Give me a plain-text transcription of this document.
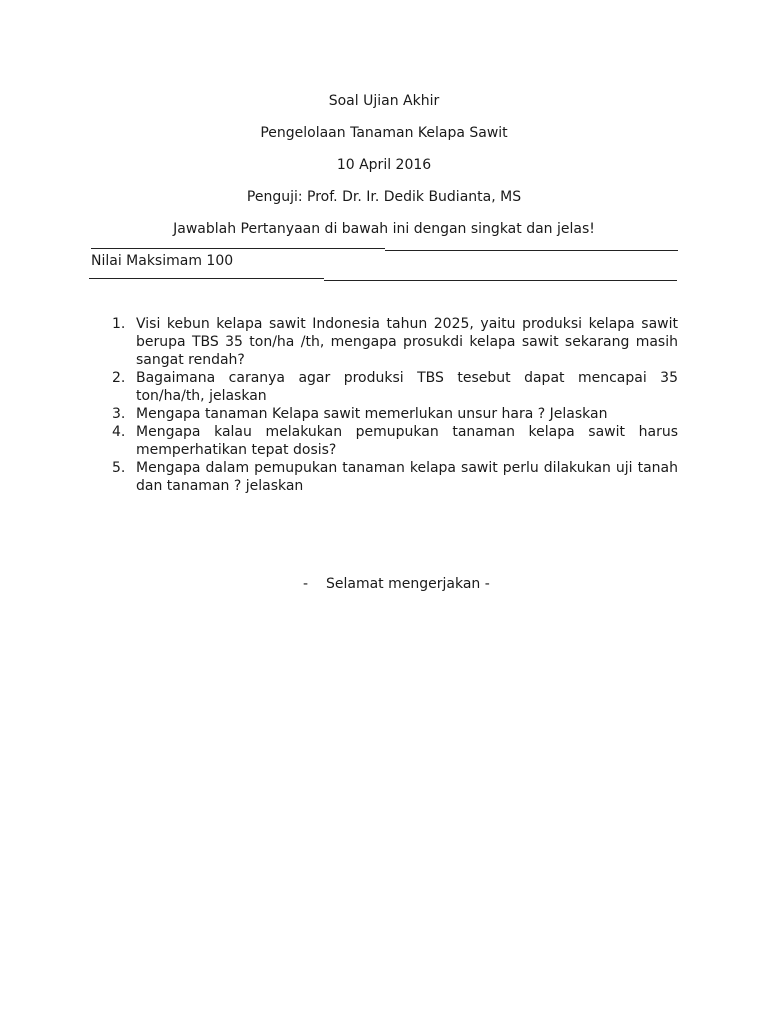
Soal Ujian Akhir
Pengelolaan Tanaman Kelapa Sawit
10 April 2016
Penguji: Prof. Dr. Ir. Dedik Budianta, MS
Jawablah Pertanyaan di bawah ini dengan singkat dan jelas!
Nilai Maksimam 100
1. Visi kebun kelapa sawit Indonesia tahun 2025, yaitu produksi kelapa sawit berupa TBS 35 ton/ha /th, mengapa prosukdi kelapa sawit sekarang masih sangat rendah?
2. Bagaimana caranya agar produksi TBS tesebut dapat mencapai 35 ton/ha/th, jelaskan
3. Mengapa tanaman Kelapa sawit memerlukan unsur hara ? Jelaskan
4. Mengapa kalau melakukan pemupukan tanaman kelapa sawit harus memperhatikan tepat dosis?
5. Mengapa dalam pemupukan tanaman kelapa sawit perlu dilakukan uji tanah dan tanaman ? jelaskan
- Selamat mengerjakan -
